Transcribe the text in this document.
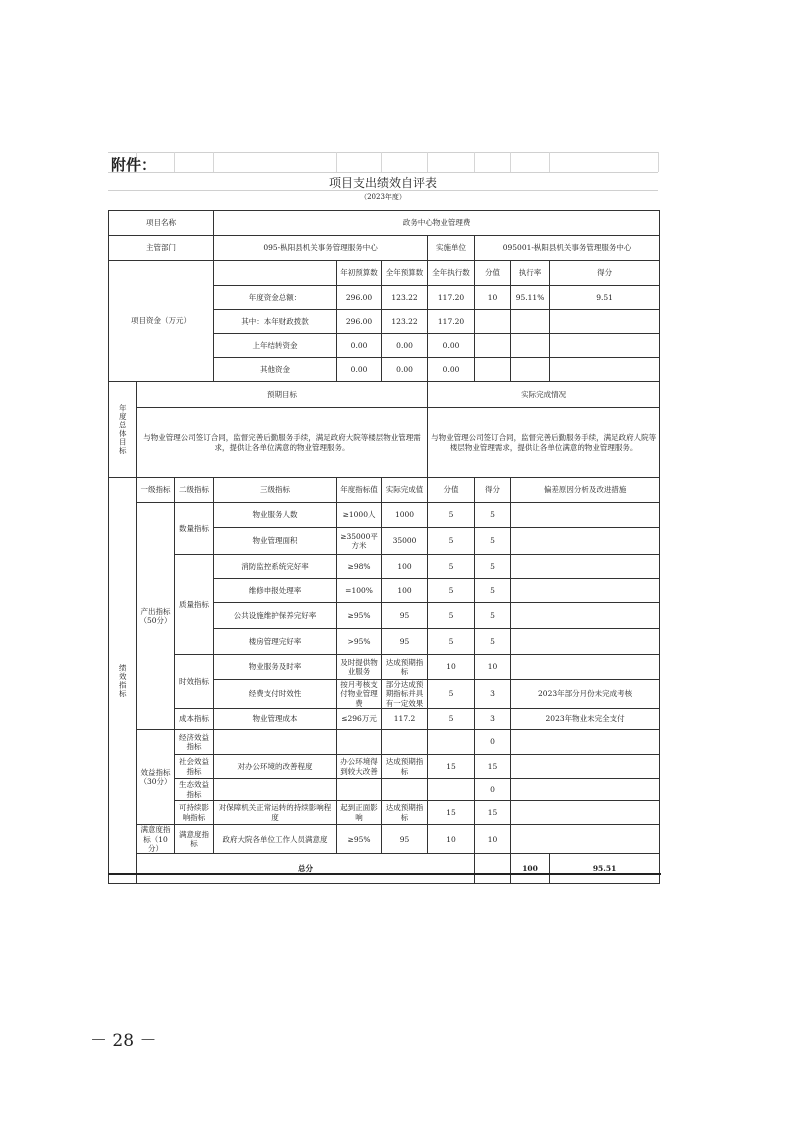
附件：
项目支出绩效自评表
（2023年度）
项目名称			政务中心物业管理费							
主管部门			095-枞阳县机关事务管理服务中心			实施单位	095001-枞阳县机关事务管理服务中心			
项目资金（万元）				年初预算数	全年预算数	全年执行数	分值	执行率	得分	
			年度资金总额：	296.00	123.22	117.20	10	95.11%	9.51	
			其中：本年财政拨款	296.00	123.22	117.20				
			上年结转资金	0.00	0.00	0.00				
			其他资金	0.00	0.00	0.00				
年度总体目标	预期目标					实际完成情况				
	与物业管理公司签订合同，监督完善后勤服务手续，满足政府大院等楼层物业管理需求，提供让各单位满意的物业管理服务。					与物业管理公司签订合同，监督完善后勤服务手续，满足政府人院等楼层物业管理需求，提供让各单位满意的物业管理服务。				
绩效指标	一级指标	二级指标	三级指标	年度指标值	实际完成值	分值	得分	偏差原因分析及改进措施		
	产出指标（50分）	数量指标	物业服务人数	≥1000人	1000	5	5			
			物业管理面积	≥35000平方米	35000	5	5			
		质量指标	消防监控系统完好率	≥98%	100	5	5			
			维修申报处理率	=100%	100	5	5			
			公共设施维护保养完好率	≥95%	95	5	5			
			楼房管理完好率	>95%	95	5	5			
		时效指标	物业服务及时率	及时提供物业服务	达成预期指标	10	10			
			经费支付时效性	按月考核支付物业管理费	部分达成预期指标并具有一定效果	5	3	2023年部分月份未完成考核		
		成本指标	物业管理成本	≤296万元	117.2	5	3	2023年物业未完全支付		
	效益指标（30分）	经济效益指标					0			
		社会效益指标	对办公环境的改善程度	办公环境得到较大改善	达成预期指标	15	15			
		生态效益指标					0			
		可持续影响指标	对保障机关正常运转的持续影响程度	起到正面影响	达成预期指标	15	15			
	满意度指标（10分）	满意度指标	政府大院各单位工作人员满意度	≥95%	95	10	10			
	总分							100	95.51	
－ 28 －
